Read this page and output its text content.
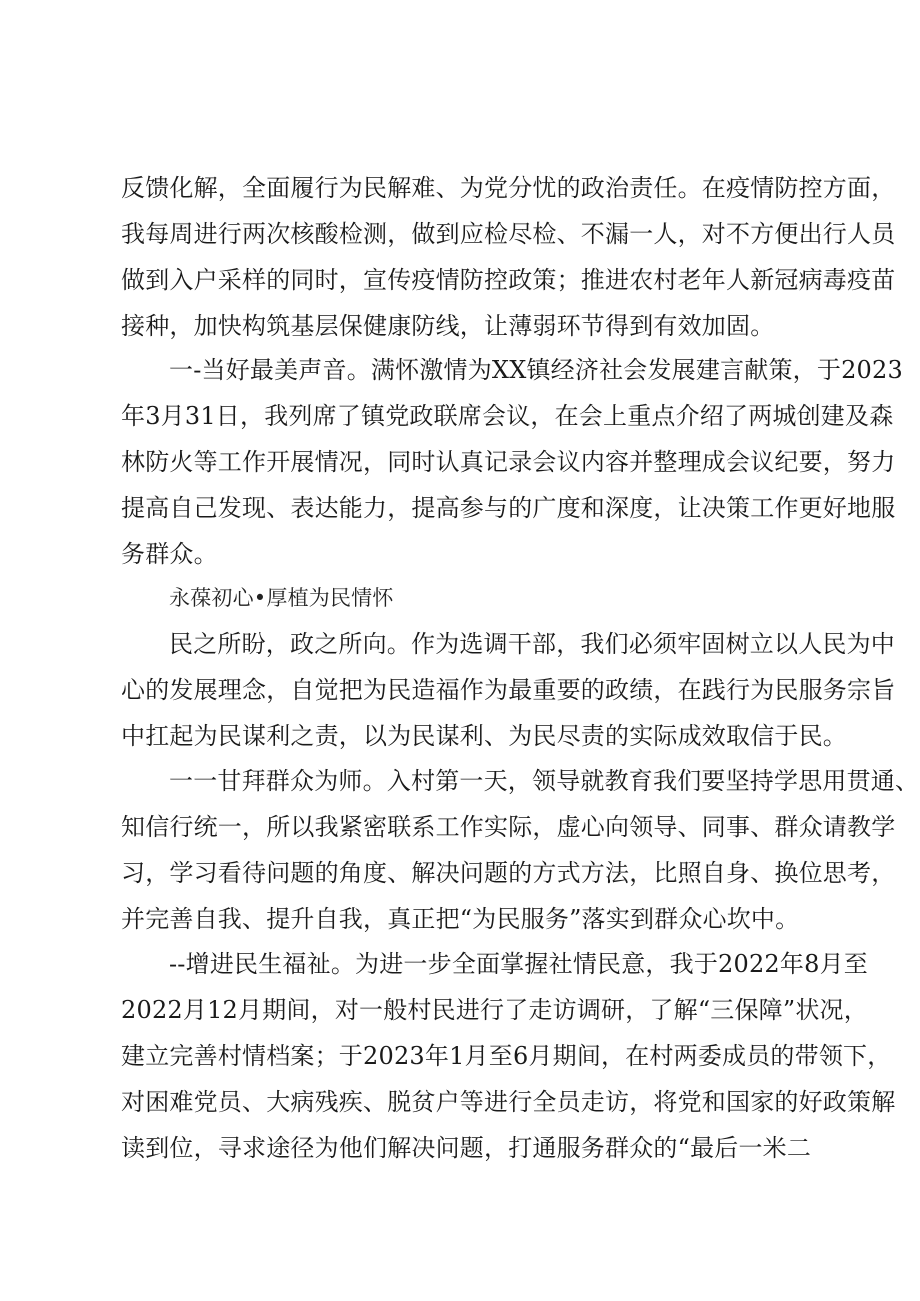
反馈化解，全面履行为民解难、为党分忧的政治责任。在疫情防控方面，
我每周进行两次核酸检测，做到应检尽检、不漏一人，对不方便出行人员
做到入户采样的同时，宣传疫情防控政策；推进农村老年人新冠病毒疫苗
接种，加快构筑基层保健康防线，让薄弱环节得到有效加固。
一-当好最美声音。满怀激情为XX镇经济社会发展建言献策，于2023
年3月31日，我列席了镇党政联席会议，在会上重点介绍了两城创建及森
林防火等工作开展情况，同时认真记录会议内容并整理成会议纪要，努力
提高自己发现、表达能力，提高参与的广度和深度，让决策工作更好地服
务群众。
永葆初心•厚植为民情怀
民之所盼，政之所向。作为选调干部，我们必须牢固树立以人民为中
心的发展理念，自觉把为民造福作为最重要的政绩，在践行为民服务宗旨
中扛起为民谋利之责，以为民谋利、为民尽责的实际成效取信于民。
一一甘拜群众为师。入村第一天，领导就教育我们要坚持学思用贯通、
知信行统一，所以我紧密联系工作实际，虚心向领导、同事、群众请教学
习，学习看待问题的角度、解决问题的方式方法，比照自身、换位思考，
并完善自我、提升自我，真正把“为民服务”落实到群众心坎中。
--增进民生福祉。为进一步全面掌握社情民意，我于2022年8月至
2022月12月期间，对一般村民进行了走访调研，了解“三保障”状况，
建立完善村情档案；于2023年1月至6月期间，在村两委成员的带领下，
对困难党员、大病残疾、脱贫户等进行全员走访，将党和国家的好政策解
读到位，寻求途径为他们解决问题，打通服务群众的“最后一米二
